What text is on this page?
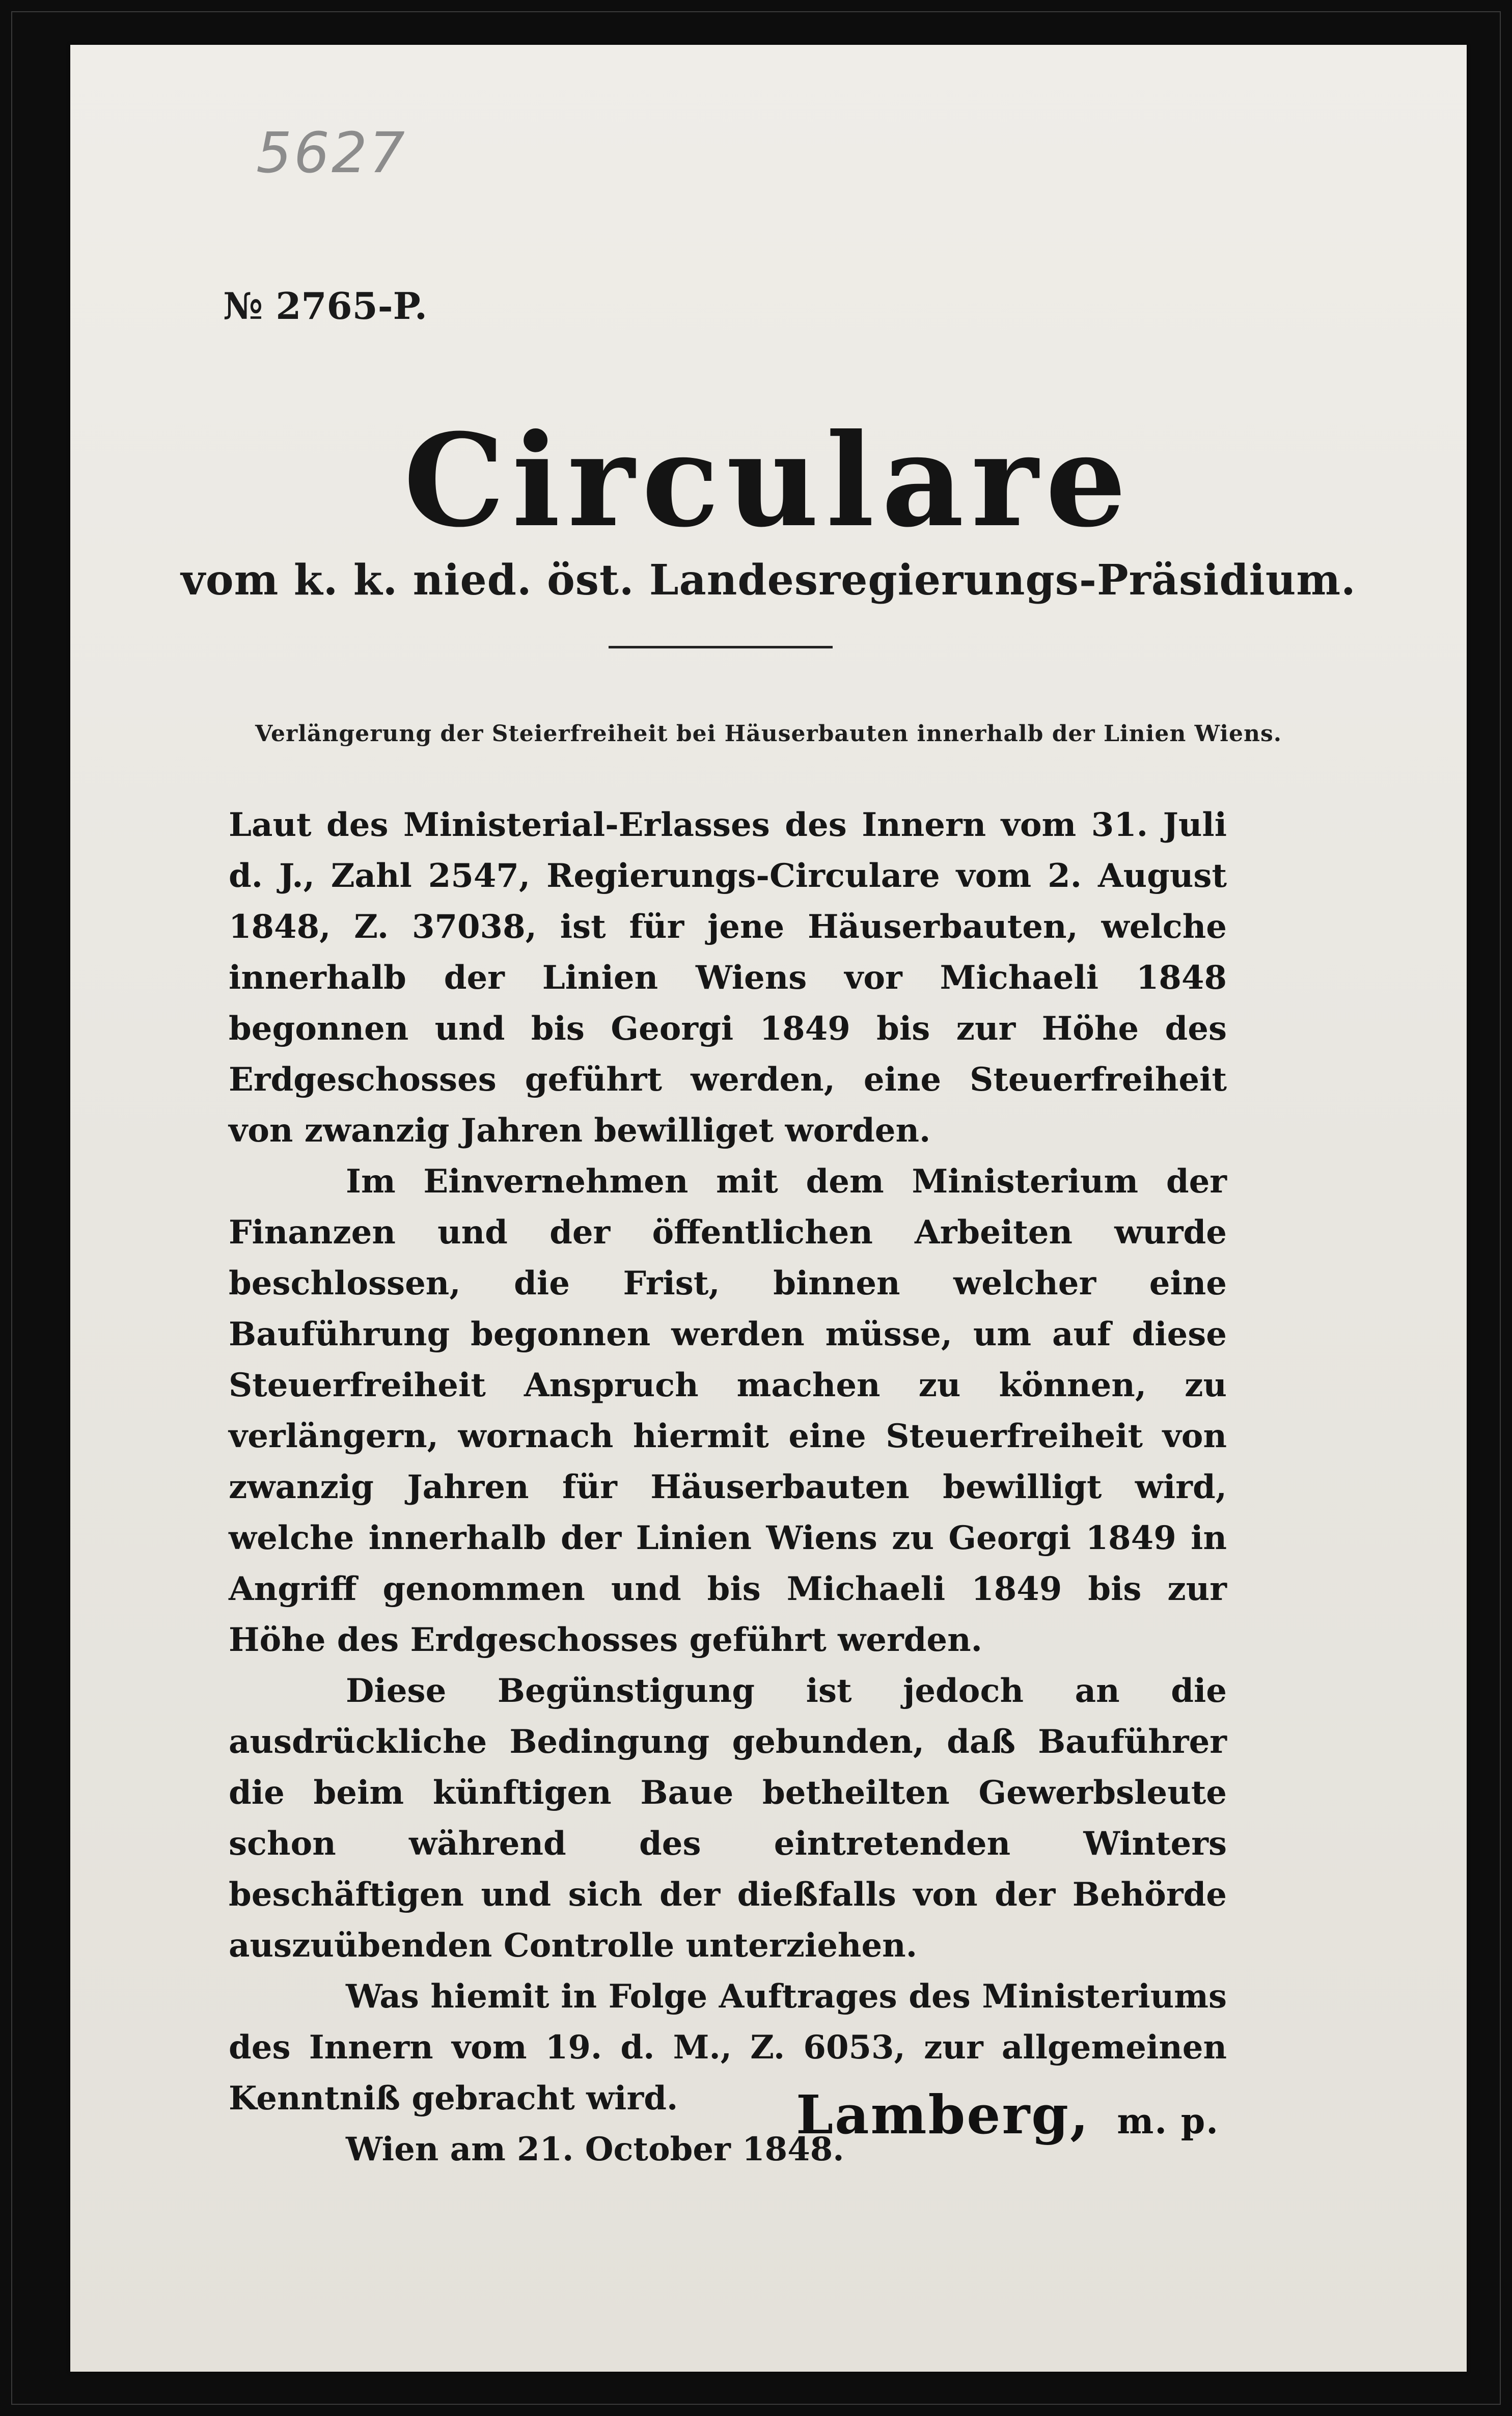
5627
№ 2765-P.
Circulare
vom k. k. nied. öst. Landesregierungs-Präsidium.
Verlängerung der Steierfreiheit bei Häuserbauten innerhalb der Linien Wiens.

Laut des Ministerial-Erlasses des Innern vom 31. Juli d. J., Zahl 2547, Regierungs-Circulare vom 2. August 1848, Z. 37038, ist für jene Häuserbauten, welche innerhalb der Linien Wiens vor Michaeli 1848 begonnen und bis Georgi 1849 bis zur Höhe des Erdgeschosses geführt werden, eine Steuerfreiheit von zwanzig Jahren bewilliget worden.

Im Einvernehmen mit dem Ministerium der Finanzen und der öffentlichen Arbeiten wurde beschlossen, die Frist, binnen welcher eine Bauführung begonnen werden müsse, um auf diese Steuerfreiheit Anspruch machen zu können, zu verlängern, wornach hiermit eine Steuerfreiheit von zwanzig Jahren für Häuserbauten bewilligt wird, welche innerhalb der Linien Wiens zu Georgi 1849 in Angriff genommen und bis Michaeli 1849 bis zur Höhe des Erdgeschosses geführt werden.

Diese Begünstigung ist jedoch an die ausdrückliche Bedingung gebunden, daß Bauführer die beim künftigen Baue betheilten Gewerbsleute schon während des eintretenden Winters beschäftigen und sich der dießfalls von der Behörde auszuübenden Controlle unterziehen.

Was hiemit in Folge Auftrages des Ministeriums des Innern vom 19. d. M., Z. 6053, zur allgemeinen Kenntniß gebracht wird.

Wien am 21. October 1848.

Lamberg, m. p.
